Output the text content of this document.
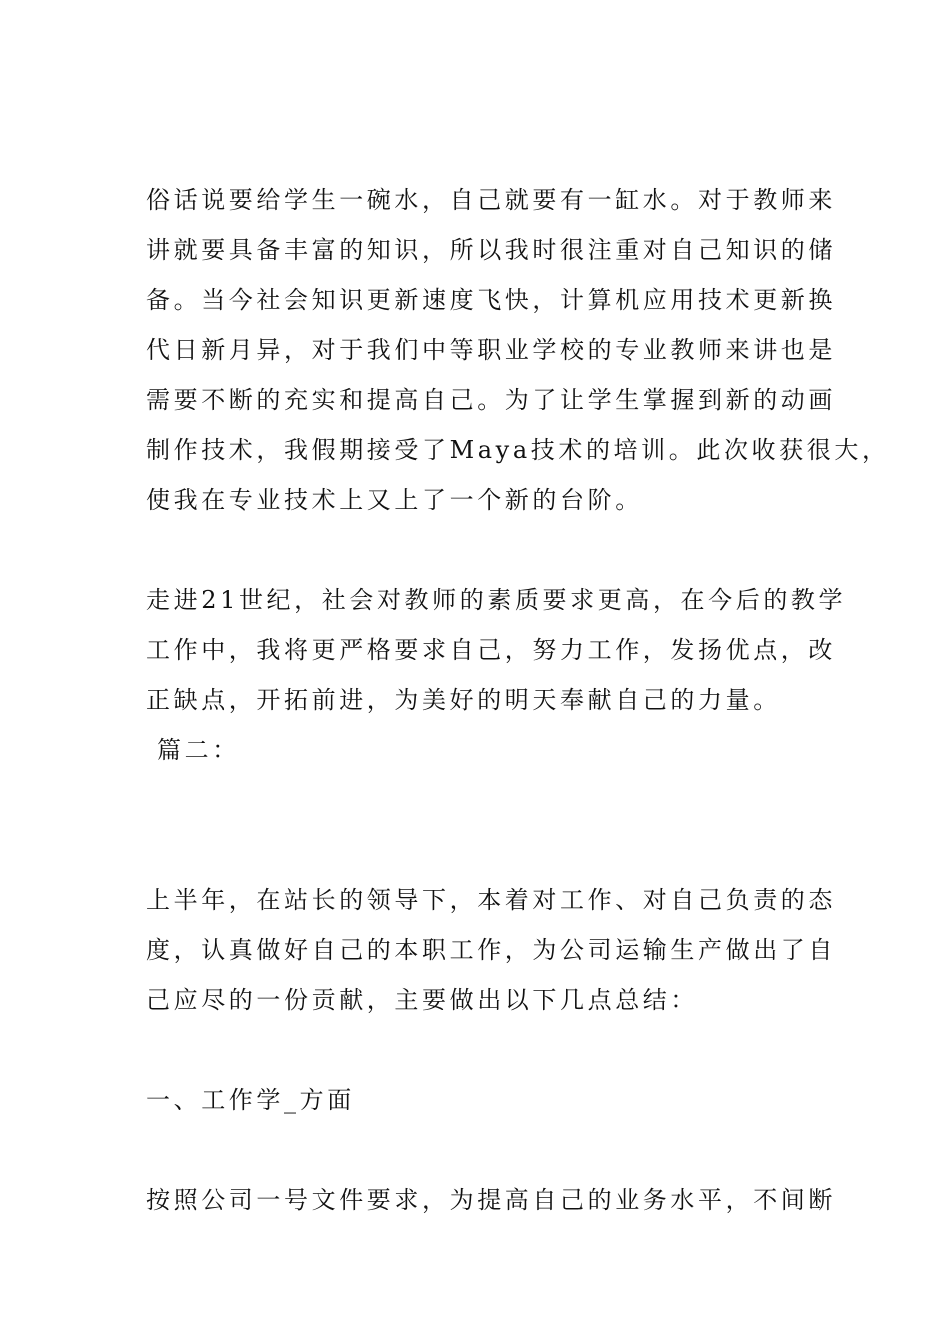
俗话说要给学生一碗水，自己就要有一缸水。对于教师来
讲就要具备丰富的知识，所以我时很注重对自己知识的储
备。当今社会知识更新速度飞快，计算机应用技术更新换
代日新月异，对于我们中等职业学校的专业教师来讲也是
需要不断的充实和提高自己。为了让学生掌握到新的动画
制作技术，我假期接受了Maya技术的培训。此次收获很大，
使我在专业技术上又上了一个新的台阶。
走进21世纪，社会对教师的素质要求更高，在今后的教学
工作中，我将更严格要求自己，努力工作，发扬优点，改
正缺点，开拓前进，为美好的明天奉献自己的力量。
篇二：
上半年，在站长的领导下，本着对工作、对自己负责的态
度，认真做好自己的本职工作，为公司运输生产做出了自
己应尽的一份贡献，主要做出以下几点总结：
一、工作学_方面
按照公司一号文件要求，为提高自己的业务水平，不间断
